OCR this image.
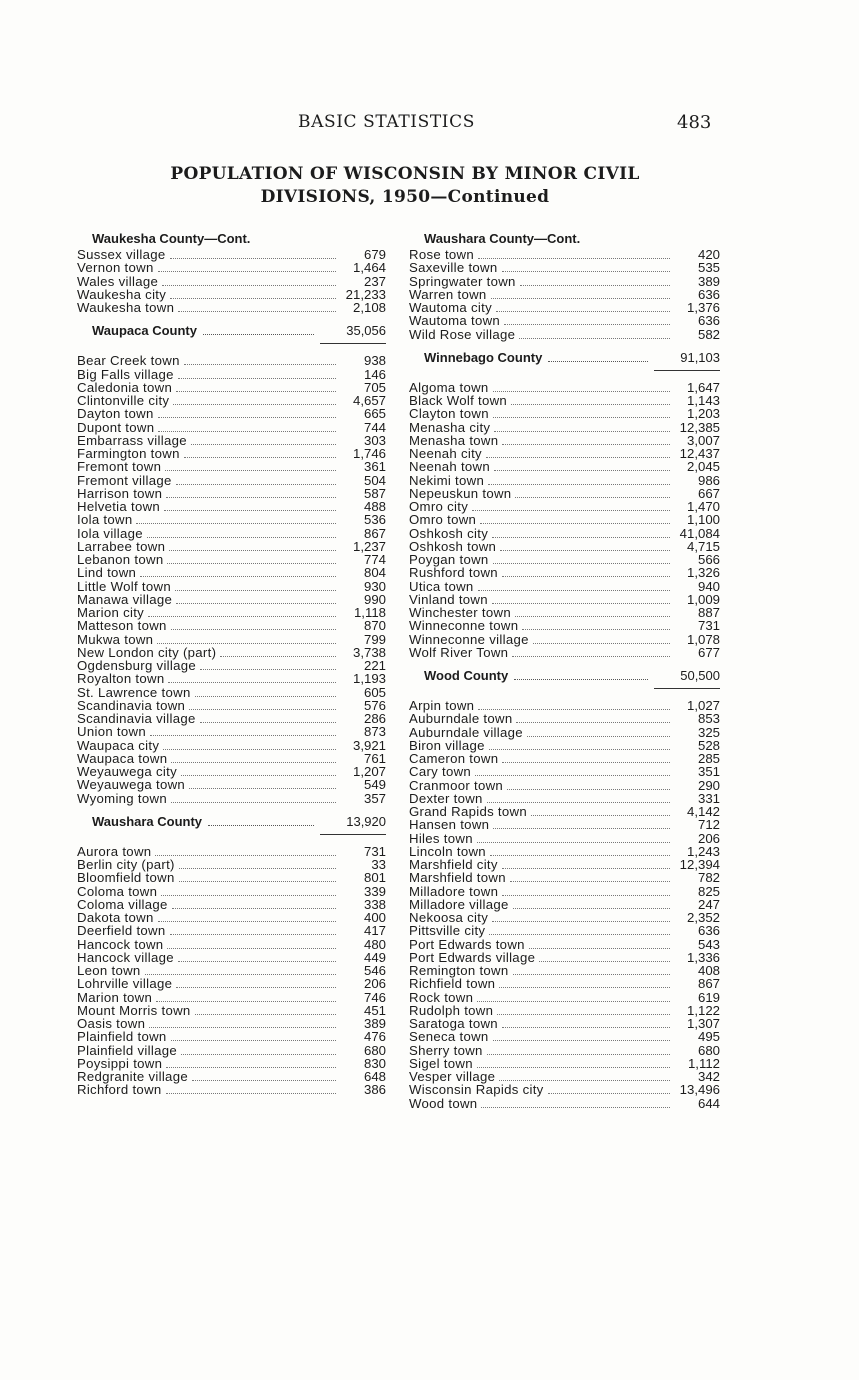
BASIC STATISTICS	483
POPULATION OF WISCONSIN BY MINOR CIVIL
DIVISIONS, 1950—Continued
Waukesha County—Cont.
Sussex village	679
Vernon town	1,464
Wales village	237
Waukesha city	21,233
Waukesha town	2,108
Waupaca County	35,056
Bear Creek town	938
Big Falls village	146
Caledonia town	705
Clintonville city	4,657
Dayton town	665
Dupont town	744
Embarrass village	303
Farmington town	1,746
Fremont town	361
Fremont village	504
Harrison town	587
Helvetia town	488
Iola town	536
Iola village	867
Larrabee town	1,237
Lebanon town	774
Lind town	804
Little Wolf town	930
Manawa village	990
Marion city	1,118
Matteson town	870
Mukwa town	799
New London city (part)	3,738
Ogdensburg village	221
Royalton town	1,193
St. Lawrence town	605
Scandinavia town	576
Scandinavia village	286
Union town	873
Waupaca city	3,921
Waupaca town	761
Weyauwega city	1,207
Weyauwega town	549
Wyoming town	357
Waushara County	13,920
Aurora town	731
Berlin city (part)	33
Bloomfield town	801
Coloma town	339
Coloma village	338
Dakota town	400
Deerfield town	417
Hancock town	480
Hancock village	449
Leon town	546
Lohrville village	206
Marion town	746
Mount Morris town	451
Oasis town	389
Plainfield town	476
Plainfield village	680
Poysippi town	830
Redgranite village	648
Richford town	386
Waushara County—Cont.
Rose town	420
Saxeville town	535
Springwater town	389
Warren town	636
Wautoma city	1,376
Wautoma town	636
Wild Rose village	582
Winnebago County	91,103
Algoma town	1,647
Black Wolf town	1,143
Clayton town	1,203
Menasha city	12,385
Menasha town	3,007
Neenah city	12,437
Neenah town	2,045
Nekimi town	986
Nepeuskun town	667
Omro city	1,470
Omro town	1,100
Oshkosh city	41,084
Oshkosh town	4,715
Poygan town	566
Rushford town	1,326
Utica town	940
Vinland town	1,009
Winchester town	887
Winneconne town	731
Winneconne village	1,078
Wolf River Town	677
Wood County	50,500
Arpin town	1,027
Auburndale town	853
Auburndale village	325
Biron village	528
Cameron town	285
Cary town	351
Cranmoor town	290
Dexter town	331
Grand Rapids town	4,142
Hansen town	712
Hiles town	206
Lincoln town	1,243
Marshfield city	12,394
Marshfield town	782
Milladore town	825
Milladore village	247
Nekoosa city	2,352
Pittsville city	636
Port Edwards town	543
Port Edwards village	1,336
Remington town	408
Richfield town	867
Rock town	619
Rudolph town	1,122
Saratoga town	1,307
Seneca town	495
Sherry town	680
Sigel town	1,112
Vesper village	342
Wisconsin Rapids city	13,496
Wood town	644
